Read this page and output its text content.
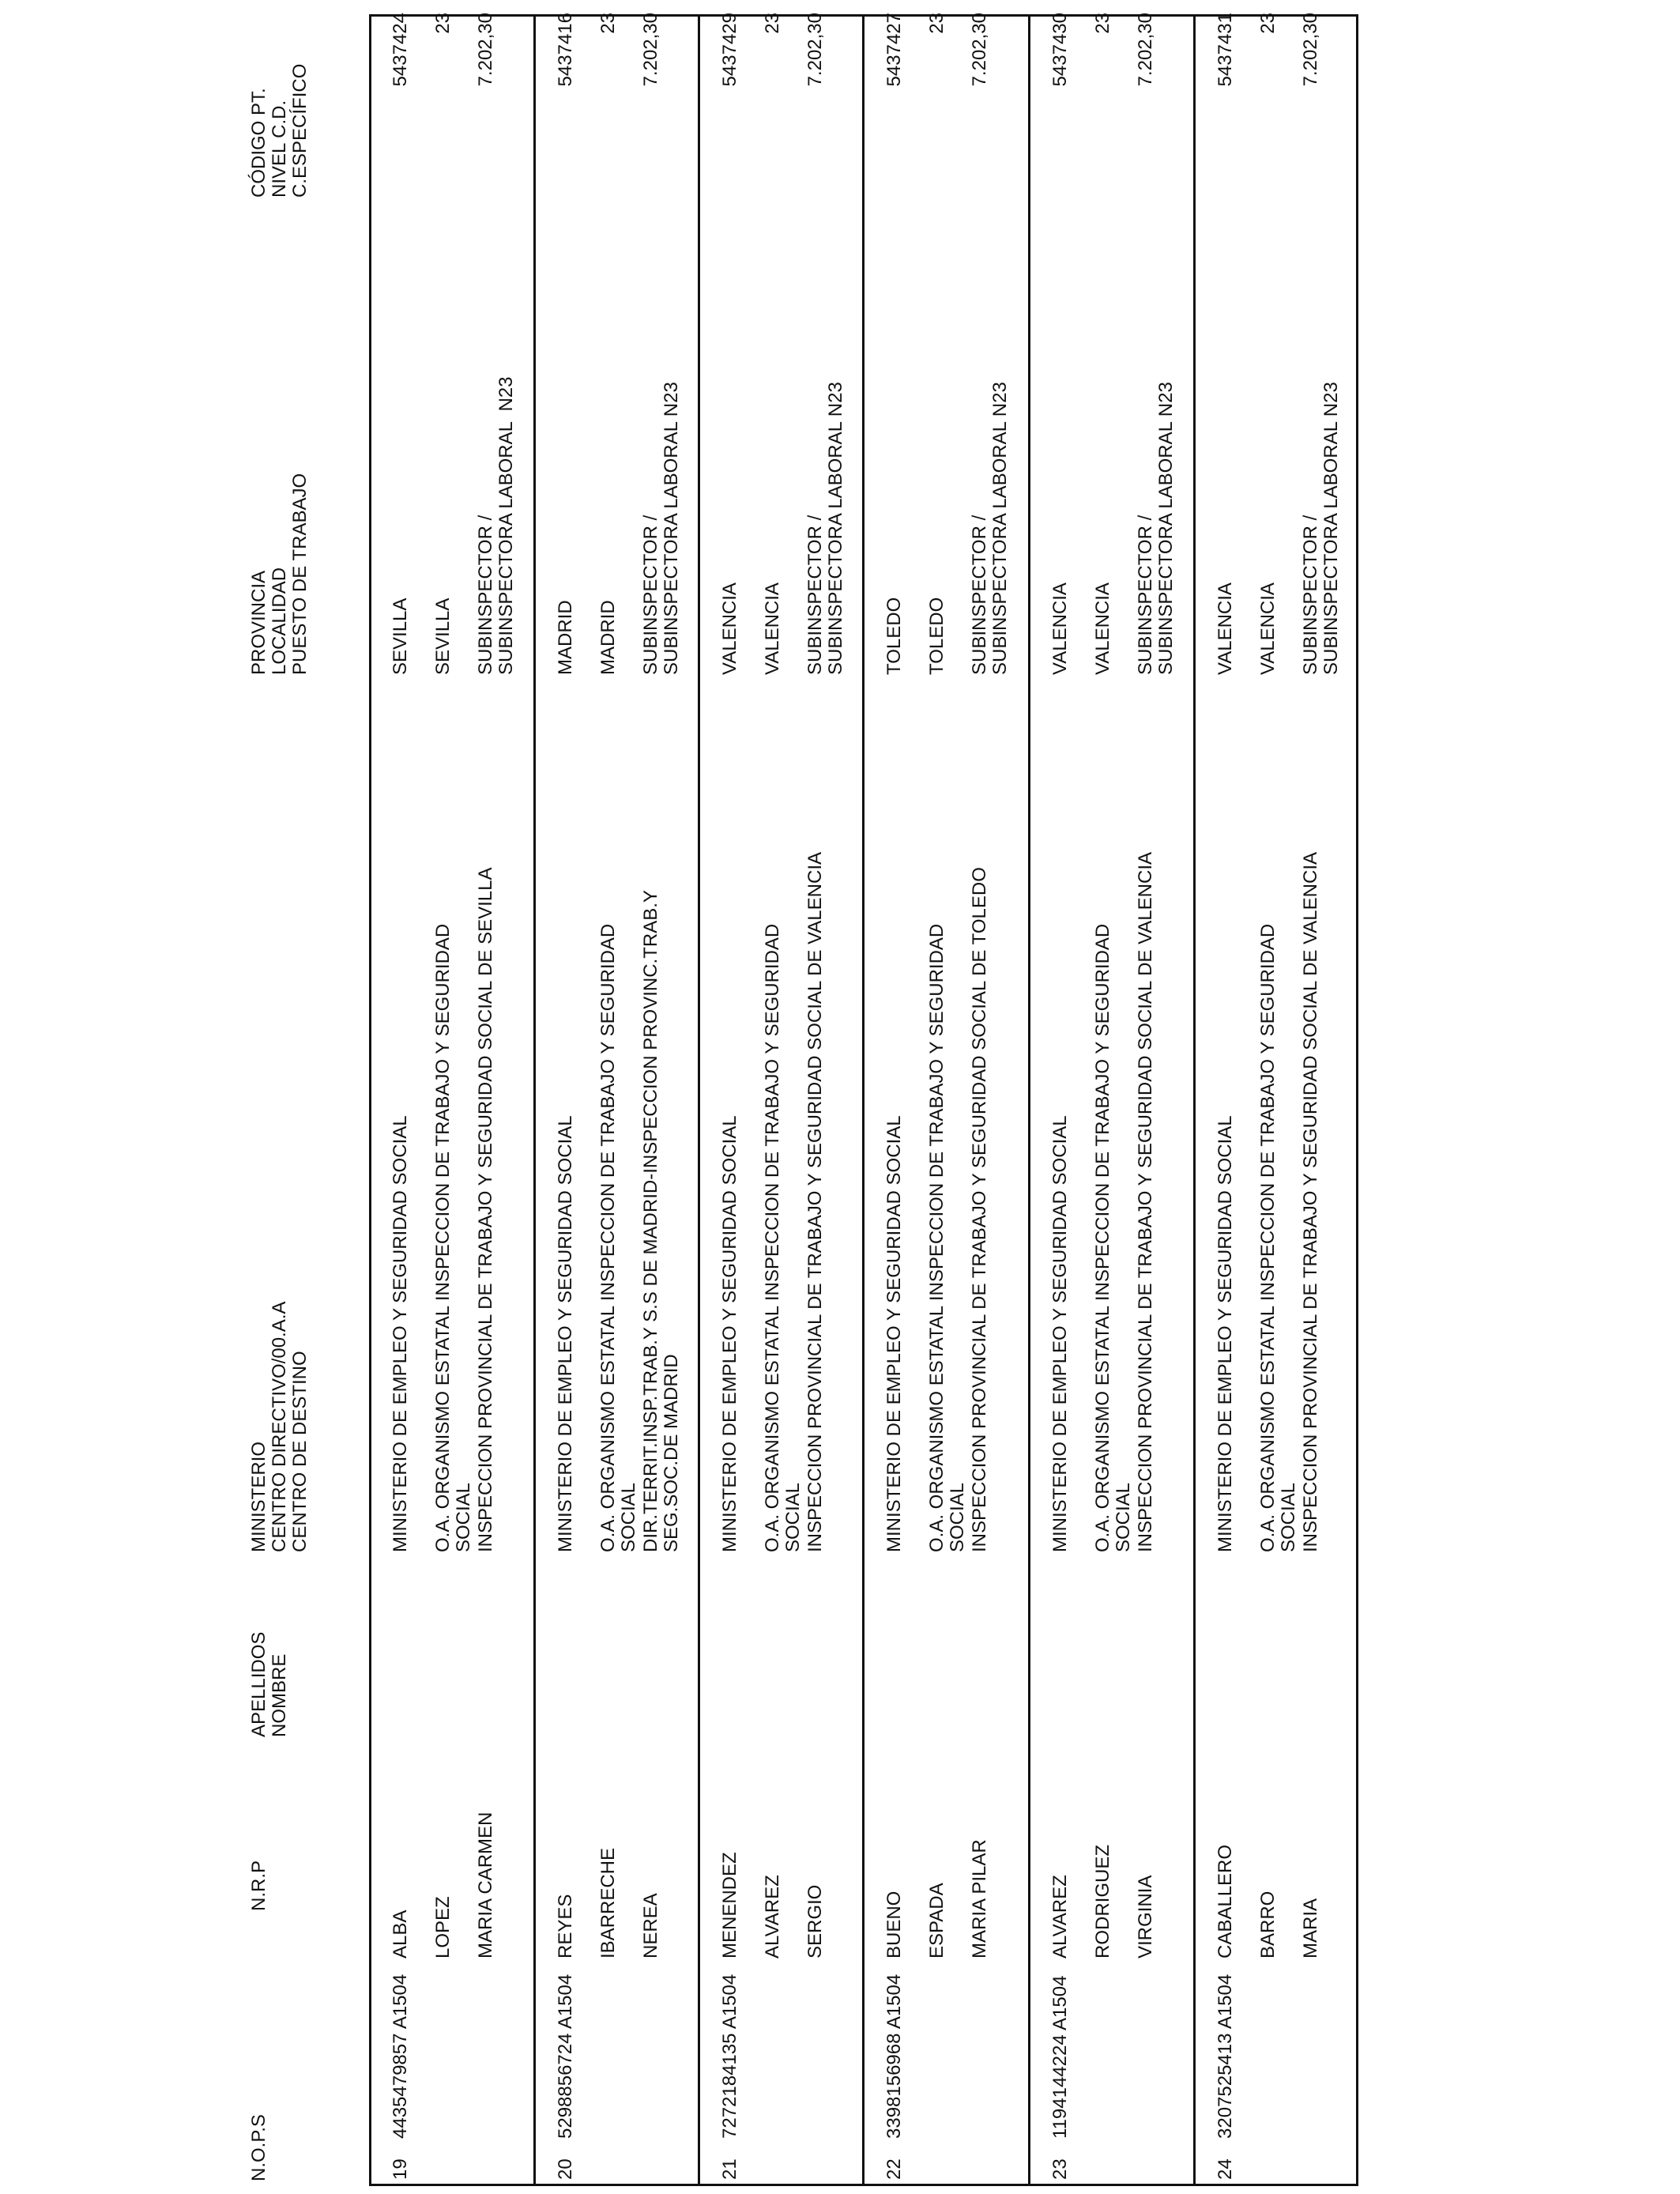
N.O.P.S
N.R.P
APELLIDOS NOMBRE
MINISTERIO CENTRO DIRECTIVO/00.A.A CENTRO DE DESTINO
PROVINCIA LOCALIDAD PUESTO DE TRABAJO
CÓDIGO PT. NIVEL C.D. C.ESPECÍFICO
19
4435479857 A1504
ALBA LOPEZ MARIA CARMEN
MINISTERIO DE EMPLEO Y SEGURIDAD SOCIAL O.A. ORGANISMO ESTATAL INSPECCION DE TRABAJO Y SEGURIDAD SOCIAL INSPECCION PROVINCIAL DE TRABAJO Y SEGURIDAD SOCIAL DE SEVILLA
SEVILLA SEVILLA SUBINSPECTOR / SUBINSPECTORA LABORAL  N23
5437424 23 7.202,30
20
5298856724 A1504
REYES IBARRECHE NEREA
MINISTERIO DE EMPLEO Y SEGURIDAD SOCIAL O.A. ORGANISMO ESTATAL INSPECCION DE TRABAJO Y SEGURIDAD SOCIAL DIR.TERRIT.INSP.TRAB.Y S.S DE MADRID-INSPECCION PROVINC.TRAB.Y SEG.SOC.DE MADRID
MADRID MADRID SUBINSPECTOR / SUBINSPECTORA LABORAL N23
5437416 23 7.202,30
21
7272184135 A1504
MENENDEZ ALVAREZ SERGIO
MINISTERIO DE EMPLEO Y SEGURIDAD SOCIAL O.A. ORGANISMO ESTATAL INSPECCION DE TRABAJO Y SEGURIDAD SOCIAL INSPECCION PROVINCIAL DE TRABAJO Y SEGURIDAD SOCIAL DE VALENCIA
VALENCIA VALENCIA SUBINSPECTOR / SUBINSPECTORA LABORAL N23
5437429 23 7.202,30
22
3398156968 A1504
BUENO ESPADA MARIA PILAR
MINISTERIO DE EMPLEO Y SEGURIDAD SOCIAL O.A. ORGANISMO ESTATAL INSPECCION DE TRABAJO Y SEGURIDAD SOCIAL INSPECCION PROVINCIAL DE TRABAJO Y SEGURIDAD SOCIAL DE TOLEDO
TOLEDO TOLEDO SUBINSPECTOR / SUBINSPECTORA LABORAL N23
5437427 23 7.202,30
23
1194144224 A1504
ALVAREZ RODRIGUEZ VIRGINIA
MINISTERIO DE EMPLEO Y SEGURIDAD SOCIAL O.A. ORGANISMO ESTATAL INSPECCION DE TRABAJO Y SEGURIDAD SOCIAL INSPECCION PROVINCIAL DE TRABAJO Y SEGURIDAD SOCIAL DE VALENCIA
VALENCIA VALENCIA SUBINSPECTOR / SUBINSPECTORA LABORAL N23
5437430 23 7.202,30
24
3207525413 A1504
CABALLERO BARRO MARIA
MINISTERIO DE EMPLEO Y SEGURIDAD SOCIAL O.A. ORGANISMO ESTATAL INSPECCION DE TRABAJO Y SEGURIDAD SOCIAL INSPECCION PROVINCIAL DE TRABAJO Y SEGURIDAD SOCIAL DE VALENCIA
VALENCIA VALENCIA SUBINSPECTOR / SUBINSPECTORA LABORAL N23
5437431 23 7.202,30
